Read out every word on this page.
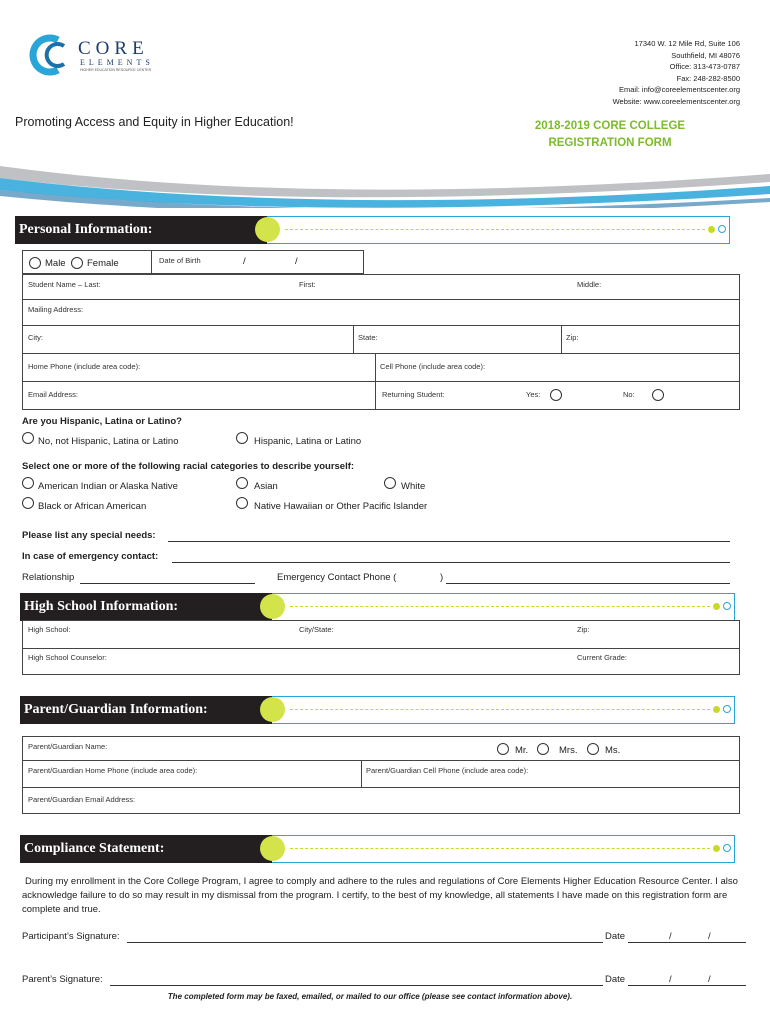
CORE
ELEMENTS
HIGHER EDUCATION RESOURCE CENTER
17340 W. 12 Mile Rd, Suite 106
Southfield, MI 48076
Office: 313-473-0787
Fax: 248-282-8500
Email: info@coreelementscenter.org
Website: www.coreelementscenter.org
Promoting Access and Equity in Higher Education!	2018-2019 CORE COLLEGE
REGISTRATION FORM
Personal Information:
Male Female	Date of Birth	/	/
Student Name – Last:	First:	Middle:
Mailing Address:
City:	State:	Zip:
Home Phone (include area code):	Cell Phone (include area code):
Email Address:	Returning Student:	Yes:	No:
Are you Hispanic, Latina or Latino?
No, not Hispanic, Latina or Latino	Hispanic, Latina or Latino
Select one or more of the following racial categories to describe yourself:
American Indian or Alaska Native	Asian	White
Black or African American	Native Hawaiian or Other Pacific Islander
Please list any special needs:
In case of emergency contact:
Relationship	Emergency Contact Phone (	)
High School Information:
High School:	City/State:	Zip:
High School Counselor:	Current Grade:
Parent/Guardian Information:
Parent/Guardian Name:	Mr.	Mrs.	Ms.
Parent/Guardian Home Phone (include area code):	Parent/Guardian Cell Phone (include area code):
Parent/Guardian Email Address:
Compliance Statement:
During my enrollment in the Core College Program, I agree to comply and adhere to the rules and regulations of Core Elements Higher Education Resource Center. I also acknowledge failure to do so may result in my dismissal from the program. I certify, to the best of my knowledge, all statements I have made on this registration form are complete and true.
Participant’s Signature:	Date	/	/
Parent’s Signature:	Date	/	/
The completed form may be faxed, emailed, or mailed to our office (please see contact information above).
